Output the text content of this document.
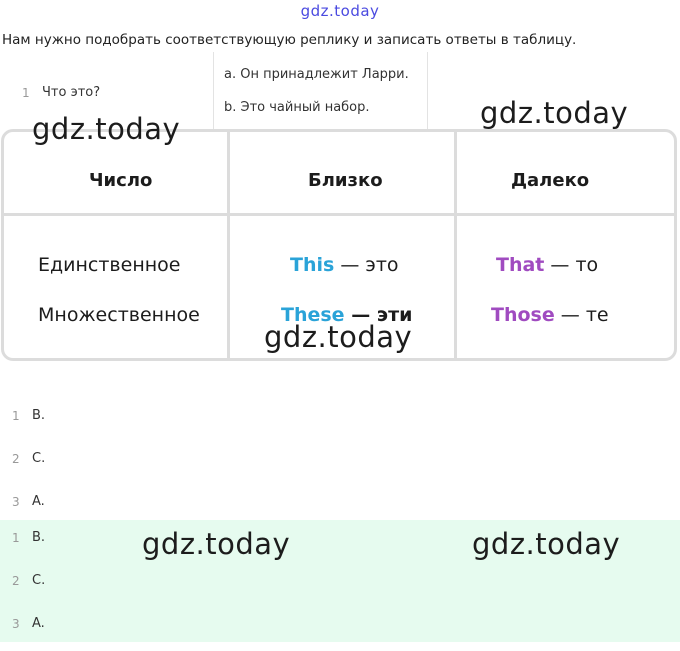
gdz.today
Нам нужно подобрать соответствующую реплику и записать ответы в таблицу.
1 Что это?
a. Он принадлежит Ларри.
b. Это чайный набор.
Число	Близко	Далеко
Единственное	This — это	That — то
Множественное	These — эти	Those — те
gdz.today	gdz.today
gdz.today
1 B.
2 C.
3 A.
1 B.
2 C.
3 A.
gdz.today	gdz.today
